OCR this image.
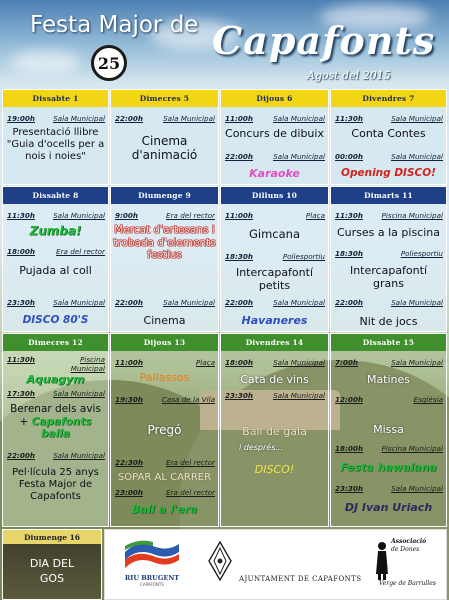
Festa Major de
25 Capafonts
Agost del 2015
Dissabte 1
19:00h	Sala Municipal
Presentació llibre "Guia d'ocells per a nois i noies"
Dimecres 5
22:00h	Sala Municipal
Cinema d'animació
Dijous 6
11:00h	Sala Municipal
Concurs de dibuix
22:00h	Sala Municipal
Karaoke
Divendres 7
11:30h	Sala Municipal
Conta Contes
00:00h	Sala Municipal
Opening DISCO!
Dissabte 8
11:30h	Sala Municipal
Zumba!
18:00h	Era del rector
Pujada al coll
23:30h	Sala Municipal
DISCO 80'S
Diumenge 9
9:00h	Era del rector
Mercat d'artesans i trobada d'elements festius
22:00h	Sala Municipal
Cinema
Dilluns 10
11:00h	Plaça
Gimcana
18:30h	Poliesportiu
Intercapafontí petits
22:00h	Sala Municipal
Havaneres
Dimarts 11
11:30h	Piscina Municipal
Curses a la piscina
18:30h	Poliesportiu
Intercapafontí grans
22:00h	Sala Municipal
Nit de jocs
Dimecres 12
11:30h	Piscina Municipal
Aquagym
17:30h	Sala Municipal
Berenar dels avis + Capafonts balla
22:00h	Sala Municipal
Pel·lícula 25 anys Festa Major de Capafonts
Dijous 13
11:00h	Plaça
Pallassos
19:30h	Casa de la Vila
Pregó
22:30h	Era del rector
SOPAR AL CARRER
23:00h	Era del rector
Ball a l'era
Divendres 14
18:00h	Sala Municipal
Cata de vins
23:30h	Sala Municipal
Ball de gala
i després...
DISCO!
Dissabte 15
7:00h	Sala Municipal
Matines
12:00h	Església
Missa
18:00h	Piscina Municipal
Festa hawaiana
23:30h	Sala Municipal
DJ Ivan Uriach
Diumenge 16
DIA DEL
GOS	RIU BRUGENT
CAPAFONTS
AJUNTAMENT DE CAPAFONTS
Associació
de Dones
Verge de Barrulles
